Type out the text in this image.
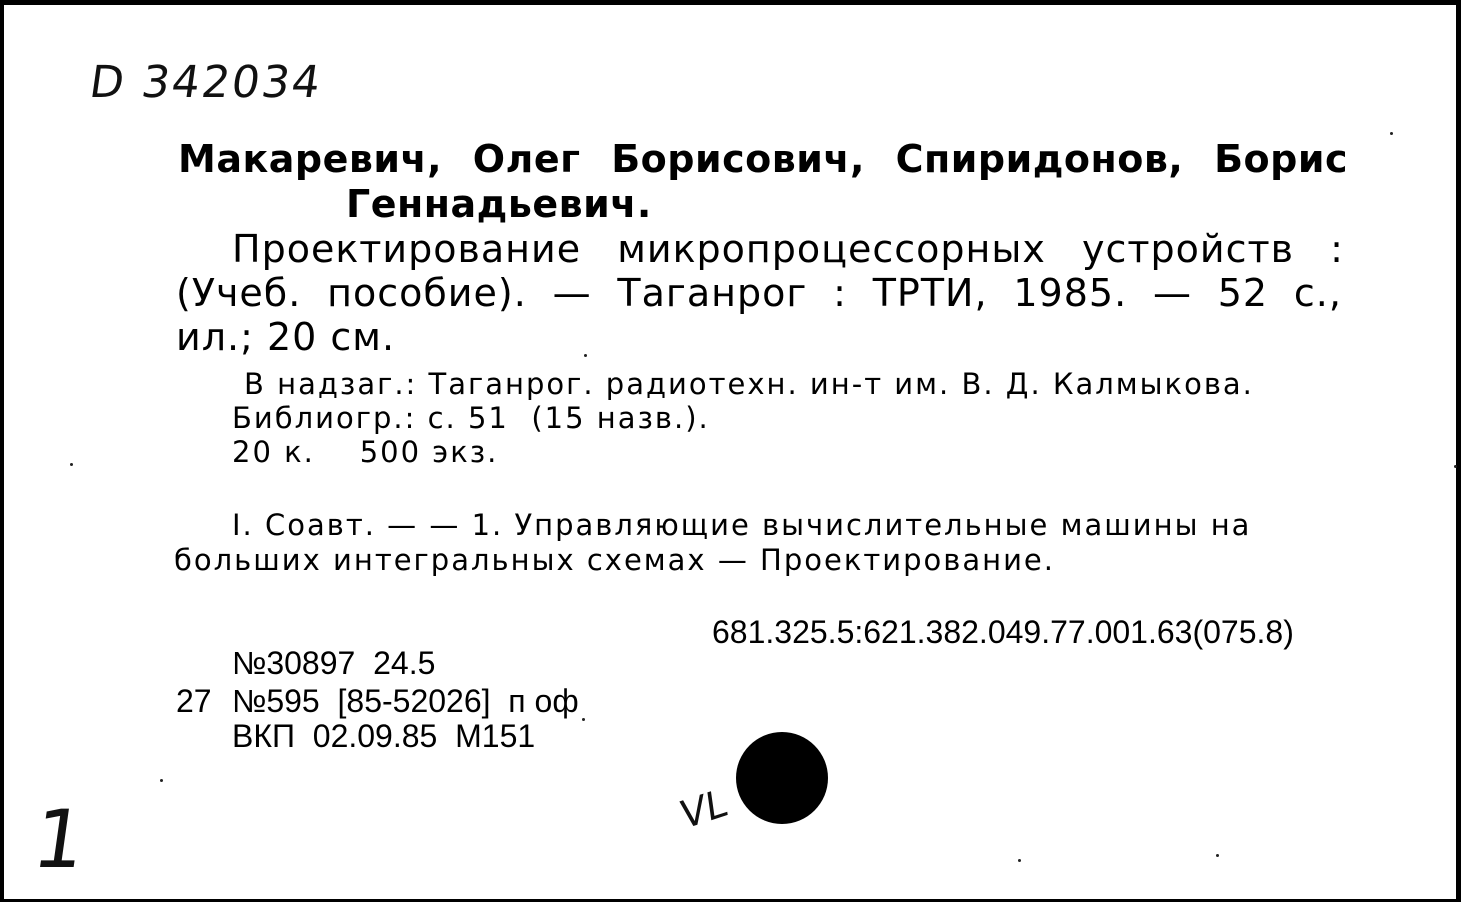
D 342034
Макаревич, Олег Борисович, Спиридонов, Борис
Геннадьевич.
Проектирование микропроцессорных устройств :
(Учеб. пособие). — Таганрог : ТРТИ, 1985. — 52 с.,
ил.; 20 см.
В надзаг.: Таганрог. радиотехн. ин-т им. В. Д. Калмыкова.
Библиогр.: с. 51  (15 назв.).
20 к.    500 экз.
I. Соавт. — — 1. Управляющие вычислительные машины на
больших интегральных схемах — Проектирование.
681.325.5:621.382.049.77.001.63(075.8)
№30897  24.5
27 №595  [85-52026]  п оф
ВКП  02.09.85  М151
1	VL
